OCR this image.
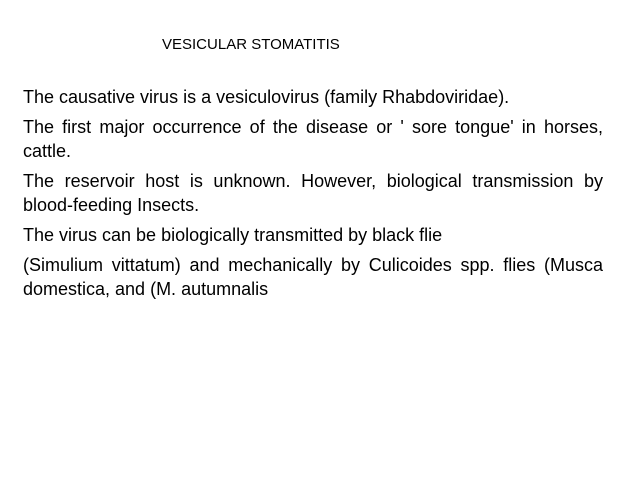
VESICULAR STOMATITIS

The causative virus is a vesiculovirus (family Rhabdoviridae).

The first major occurrence of the disease or ' sore tongue' in horses, cattle.

The reservoir host is unknown. However, biological transmission by blood-feeding Insects.

The virus can be biologically transmitted by black flie

(Simulium vittatum) and mechanically by Culicoides spp. flies (Musca domestica, and (M. autumnalis
